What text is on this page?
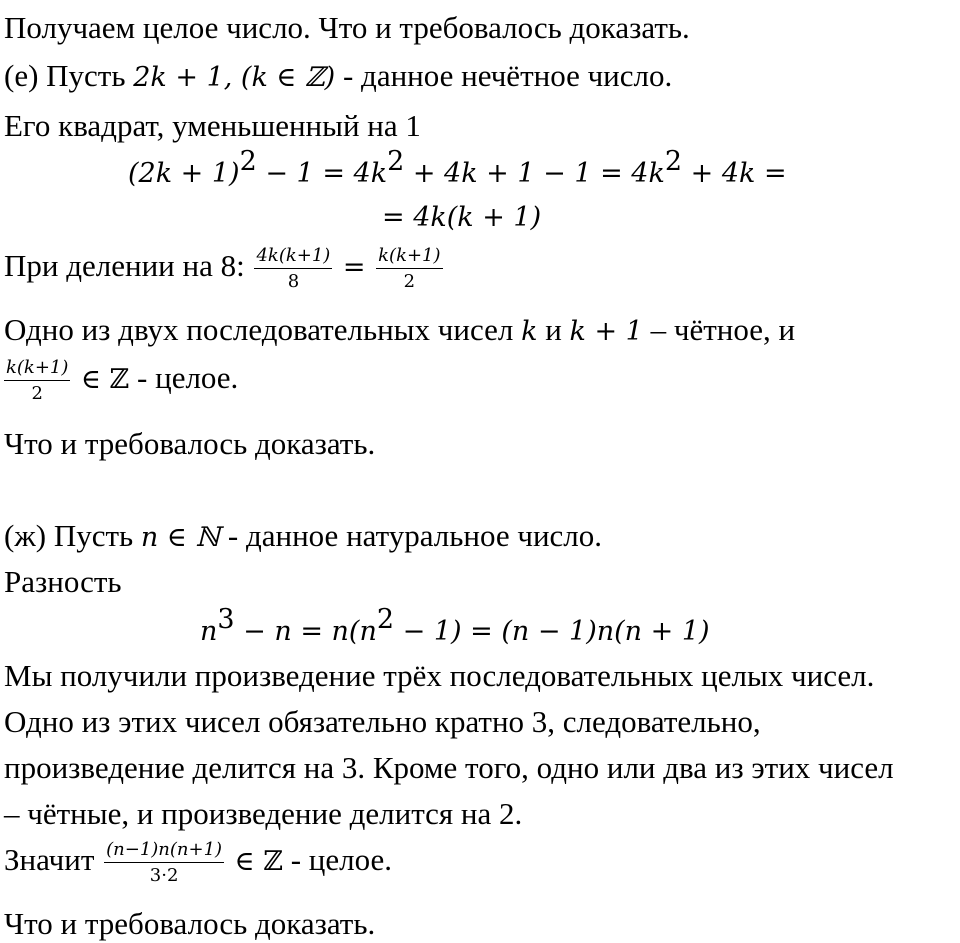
Получаем целое число. Что и требовалось доказать.
(е) Пусть 2k + 1, (k ∈ ℤ) - данное нечётное число.
Его квадрат, уменьшенный на 1
$(2k + 1)^2 - 1 = 4k^2 + 4k + 1 - 1 = 4k^2 + 4k$ =
= 4k(k + 1)
При делении на 8: $\frac{4k(k+1)}{8} = \frac{k(k+1)}{2}$
Одно из двух последовательных чисел k и k + 1 – чётное, и
$\frac{k(k+1)}{2}$ ∈ ℤ - целое.
Что и требовалось доказать.
(ж) Пусть n ∈ ℕ - данное натуральное число.
Разность
$n^3 - n = n(n^2 - 1) = (n - 1)n(n + 1)$
Мы получили произведение трёх последовательных целых чисел.
Одно из этих чисел обязательно кратно 3, следовательно,
произведение делится на 3. Кроме того, одно или два из этих чисел
– чётные, и произведение делится на 2.
Значит $\frac{(n-1)n(n+1)}{3\cdot 2}$ ∈ ℤ - целое.
Что и требовалось доказать.
